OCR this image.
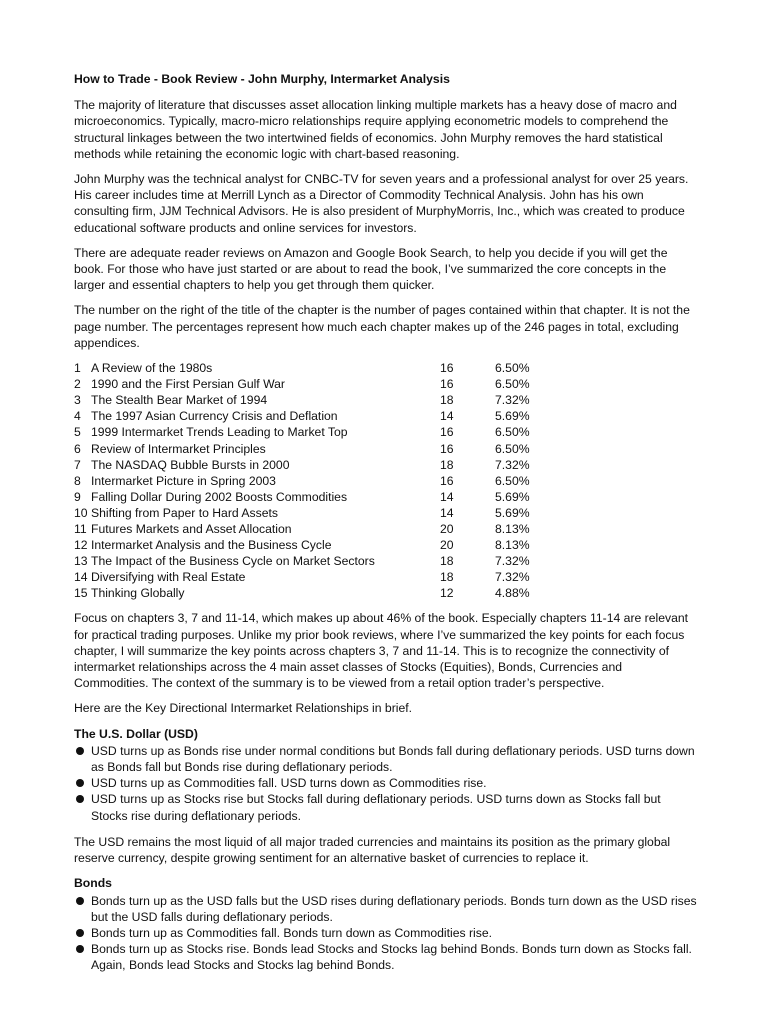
How to Trade - Book Review - John Murphy, Intermarket Analysis

The majority of literature that discusses asset allocation linking multiple markets has a heavy dose of macro and microeconomics. Typically, macro-micro relationships require applying econometric models to comprehend the structural linkages between the two intertwined fields of economics. John Murphy removes the hard statistical methods while retaining the economic logic with chart-based reasoning.

John Murphy was the technical analyst for CNBC-TV for seven years and a professional analyst for over 25 years. His career includes time at Merrill Lynch as a Director of Commodity Technical Analysis. John has his own consulting firm, JJM Technical Advisors. He is also president of MurphyMorris, Inc., which was created to produce educational software products and online services for investors.

There are adequate reader reviews on Amazon and Google Book Search, to help you decide if you will get the book. For those who have just started or are about to read the book, I’ve summarized the core concepts in the larger and essential chapters to help you get through them quicker.

The number on the right of the title of the chapter is the number of pages contained within that chapter. It is not the page number. The percentages represent how much each chapter makes up of the 246 pages in total, excluding appendices.

1 A Review of the 1980s	16	6.50%
2 1990 and the First Persian Gulf War	16	6.50%
3 The Stealth Bear Market of 1994	18	7.32%
4 The 1997 Asian Currency Crisis and Deflation	14	5.69%
5 1999 Intermarket Trends Leading to Market Top	16	6.50%
6 Review of Intermarket Principles	16	6.50%
7 The NASDAQ Bubble Bursts in 2000	18	7.32%
8 Intermarket Picture in Spring 2003	16	6.50%
9 Falling Dollar During 2002 Boosts Commodities	14	5.69%
10 Shifting from Paper to Hard Assets	14	5.69%
11 Futures Markets and Asset Allocation	20	8.13%
12 Intermarket Analysis and the Business Cycle	20	8.13%
13 The Impact of the Business Cycle on Market Sectors	18	7.32%
14 Diversifying with Real Estate	18	7.32%
15 Thinking Globally	12	4.88%

Focus on chapters 3, 7 and 11-14, which makes up about 46% of the book. Especially chapters 11-14 are relevant for practical trading purposes. Unlike my prior book reviews, where I’ve summarized the key points for each focus chapter, I will summarize the key points across chapters 3, 7 and 11-14. This is to recognize the connectivity of intermarket relationships across the 4 main asset classes of Stocks (Equities), Bonds, Currencies and Commodities. The context of the summary is to be viewed from a retail option trader’s perspective.

Here are the Key Directional Intermarket Relationships in brief.

The U.S. Dollar (USD)
USD turns up as Bonds rise under normal conditions but Bonds fall during deflationary periods. USD turns down as Bonds fall but Bonds rise during deflationary periods.
USD turns up as Commodities fall. USD turns down as Commodities rise.
USD turns up as Stocks rise but Stocks fall during deflationary periods. USD turns down as Stocks fall but Stocks rise during deflationary periods.

The USD remains the most liquid of all major traded currencies and maintains its position as the primary global reserve currency, despite growing sentiment for an alternative basket of currencies to replace it.

Bonds
Bonds turn up as the USD falls but the USD rises during deflationary periods. Bonds turn down as the USD rises but the USD falls during deflationary periods.
Bonds turn up as Commodities fall. Bonds turn down as Commodities rise.
Bonds turn up as Stocks rise. Bonds lead Stocks and Stocks lag behind Bonds. Bonds turn down as Stocks fall. Again, Bonds lead Stocks and Stocks lag behind Bonds.
